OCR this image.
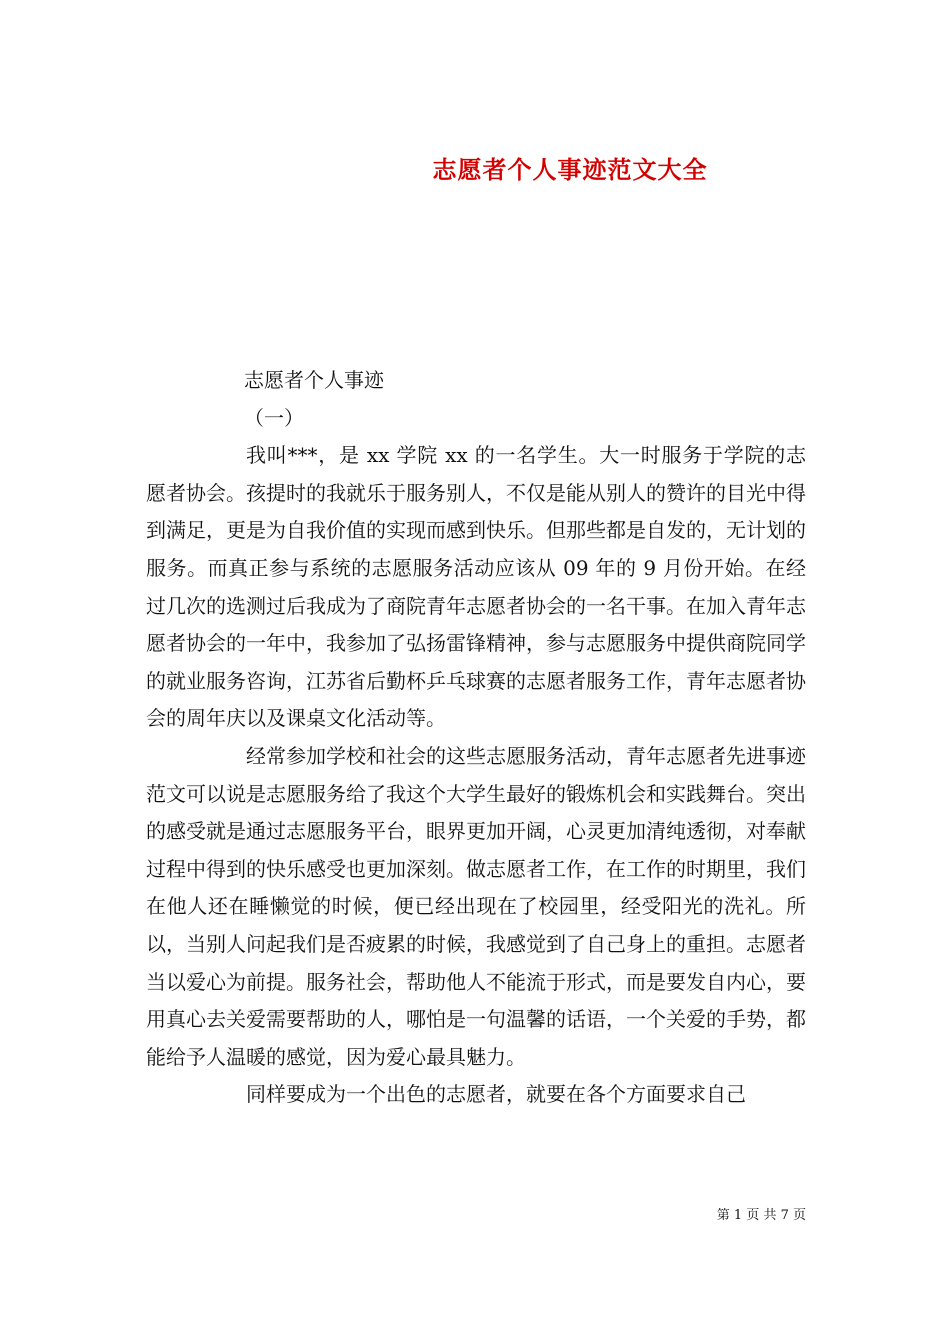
志愿者个人事迹范文大全

志愿者个人事迹

（一）

我叫***，是 xx 学院 xx 的一名学生。大一时服务于学院的志愿者协会。孩提时的我就乐于服务别人，不仅是能从别人的赞许的目光中得到满足，更是为自我价值的实现而感到快乐。但那些都是自发的，无计划的服务。而真正参与系统的志愿服务活动应该从 09 年的 9 月份开始。在经过几次的选测过后我成为了商院青年志愿者协会的一名干事。在加入青年志愿者协会的一年中，我参加了弘扬雷锋精神，参与志愿服务中提供商院同学的就业服务咨询，江苏省后勤杯乒乓球赛的志愿者服务工作，青年志愿者协会的周年庆以及课桌文化活动等。

经常参加学校和社会的这些志愿服务活动，青年志愿者先进事迹范文可以说是志愿服务给了我这个大学生最好的锻炼机会和实践舞台。突出的感受就是通过志愿服务平台，眼界更加开阔，心灵更加清纯透彻，对奉献过程中得到的快乐感受也更加深刻。做志愿者工作，在工作的时期里，我们在他人还在睡懒觉的时候，便已经出现在了校园里，经受阳光的洗礼。所以，当别人问起我们是否疲累的时候，我感觉到了自己身上的重担。志愿者当以爱心为前提。服务社会，帮助他人不能流于形式，而是要发自内心，要用真心去关爱需要帮助的人，哪怕是一句温馨的话语，一个关爱的手势，都能给予人温暖的感觉，因为爱心最具魅力。

同样要成为一个出色的志愿者，就要在各个方面要求自己

第 1 页 共 7 页
